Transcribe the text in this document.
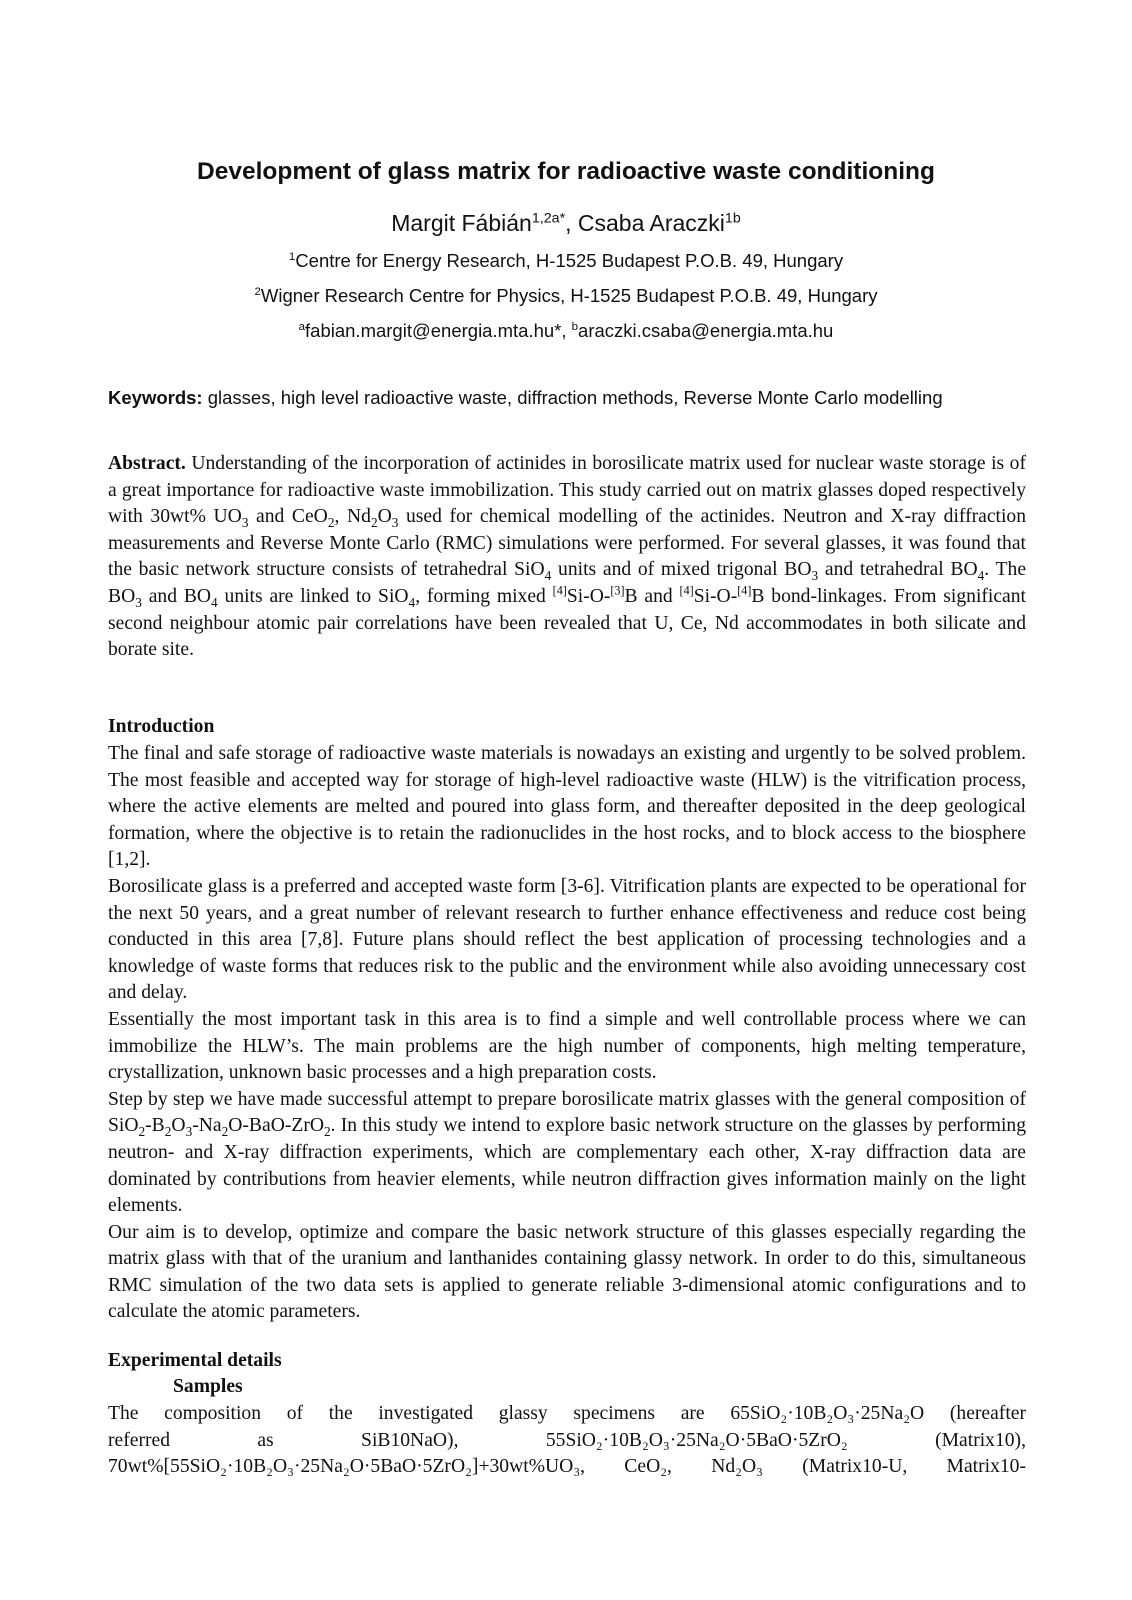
Development of glass matrix for radioactive waste conditioning
Margit Fábián$^{1,2a*}$, Csaba Araczki$^{1b}$
$^1$Centre for Energy Research, H-1525 Budapest P.O.B. 49, Hungary
$^2$Wigner Research Centre for Physics, H-1525 Budapest P.O.B. 49, Hungary
$^a$fabian.margit@energia.mta.hu*, $^b$araczki.csaba@energia.mta.hu
Keywords: glasses, high level radioactive waste, diffraction methods, Reverse Monte Carlo modelling

Abstract. Understanding of the incorporation of actinides in borosilicate matrix used for nuclear waste storage is of a great importance for radioactive waste immobilization. This study carried out on matrix glasses doped respectively with 30wt% $UO_3$ and CeO$_2$, $Nd_2O_3$ used for chemical modelling of the actinides. Neutron and X-ray diffraction measurements and Reverse Monte Carlo (RMC) simulations were performed. For several glasses, it was found that the basic network structure consists of tetrahedral SiO$_4$ units and of mixed trigonal $BO_3$ and tetrahedral $BO_4$. The $BO_3$ and $BO_4$ units are linked to SiO$_4$, forming mixed [4]Si-O-[3]B and [4]Si-O-[4]B bond-linkages. From significant second neighbour atomic pair correlations have been revealed that U, Ce, Nd accommodates in both silicate and borate site.

Introduction

The final and safe storage of radioactive waste materials is nowadays an existing and urgently to be solved problem. The most feasible and accepted way for storage of high-level radioactive waste (HLW) is the vitrification process, where the active elements are melted and poured into glass form, and thereafter deposited in the deep geological formation, where the objective is to retain the radionuclides in the host rocks, and to block access to the biosphere [1,2].

Borosilicate glass is a preferred and accepted waste form [3-6]. Vitrification plants are expected to be operational for the next 50 years, and a great number of relevant research to further enhance effectiveness and reduce cost being conducted in this area [7,8]. Future plans should reflect the best application of processing technologies and a knowledge of waste forms that reduces risk to the public and the environment while also avoiding unnecessary cost and delay.

Essentially the most important task in this area is to find a simple and well controllable process where we can immobilize the HLW’s. The main problems are the high number of components, high melting temperature, crystallization, unknown basic processes and a high preparation costs.

Step by step we have made successful attempt to prepare borosilicate matrix glasses with the general composition of $SiO_2-B_2O_3-Na_2O-BaO-ZrO_2$. In this study we intend to explore basic network structure on the glasses by performing neutron- and X-ray diffraction experiments, which are complementary each other, X-ray diffraction data are dominated by contributions from heavier elements, while neutron diffraction gives information mainly on the light elements.

Our aim is to develop, optimize and compare the basic network structure of this glasses especially regarding the matrix glass with that of the uranium and lanthanides containing glassy network. In order to do this, simultaneous RMC simulation of the two data sets is applied to generate reliable 3-dimensional atomic configurations and to calculate the atomic parameters.

Experimental details
Samples
The composition of the investigated glassy specimens are 65SiO₂·10B₂O₃·25Na₂O (hereafter
referred	as	SiB10NaO),	55SiO₂·10B₂O₃·25Na₂O·5BaO·5ZrO₂	(Matrix10),
70wt%[55SiO₂·10B₂O₃·25Na₂O·5BaO·5ZrO₂]+30wt%UO₃, CeO₂, Nd₂O₃ (Matrix10-U, Matrix10-
